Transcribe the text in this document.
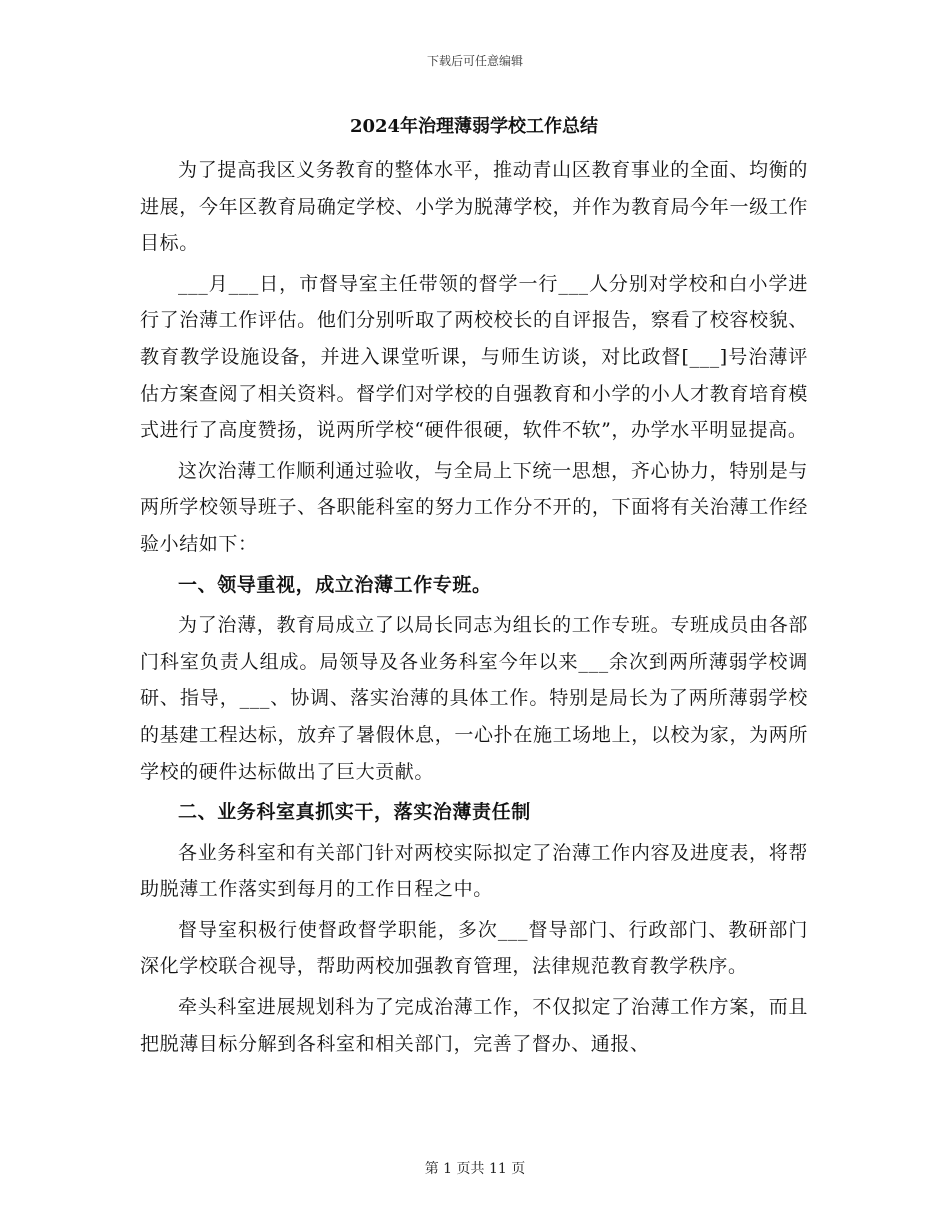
下载后可任意编辑
2024年治理薄弱学校工作总结

为了提高我区义务教育的整体水平，推动青山区教育事业的全面、均衡的进展，今年区教育局确定学校、小学为脱薄学校，并作为教育局今年一级工作目标。

___月___日，市督导室主任带领的督学一行___人分别对学校和白小学进行了治薄工作评估。他们分别听取了两校校长的自评报告，察看了校容校貌、教育教学设施设备，并进入课堂听课，与师生访谈，对比政督[___]号治薄评估方案查阅了相关资料。督学们对学校的自强教育和小学的小人才教育培育模式进行了高度赞扬，说两所学校“硬件很硬，软件不软”，办学水平明显提高。

这次治薄工作顺利通过验收，与全局上下统一思想，齐心协力，特别是与两所学校领导班子、各职能科室的努力工作分不开的，下面将有关治薄工作经验小结如下：

一、领导重视，成立治薄工作专班。

为了治薄，教育局成立了以局长同志为组长的工作专班。专班成员由各部门科室负责人组成。局领导及各业务科室今年以来___余次到两所薄弱学校调研、指导，___、协调、落实治薄的具体工作。特别是局长为了两所薄弱学校的基建工程达标，放弃了暑假休息，一心扑在施工场地上，以校为家，为两所学校的硬件达标做出了巨大贡献。

二、业务科室真抓实干，落实治薄责任制

各业务科室和有关部门针对两校实际拟定了治薄工作内容及进度表，将帮助脱薄工作落实到每月的工作日程之中。

督导室积极行使督政督学职能，多次___督导部门、行政部门、教研部门深化学校联合视导，帮助两校加强教育管理，法律规范教育教学秩序。

牵头科室进展规划科为了完成治薄工作，不仅拟定了治薄工作方案，而且把脱薄目标分解到各科室和相关部门，完善了督办、通报、

第 1 页共 11 页
